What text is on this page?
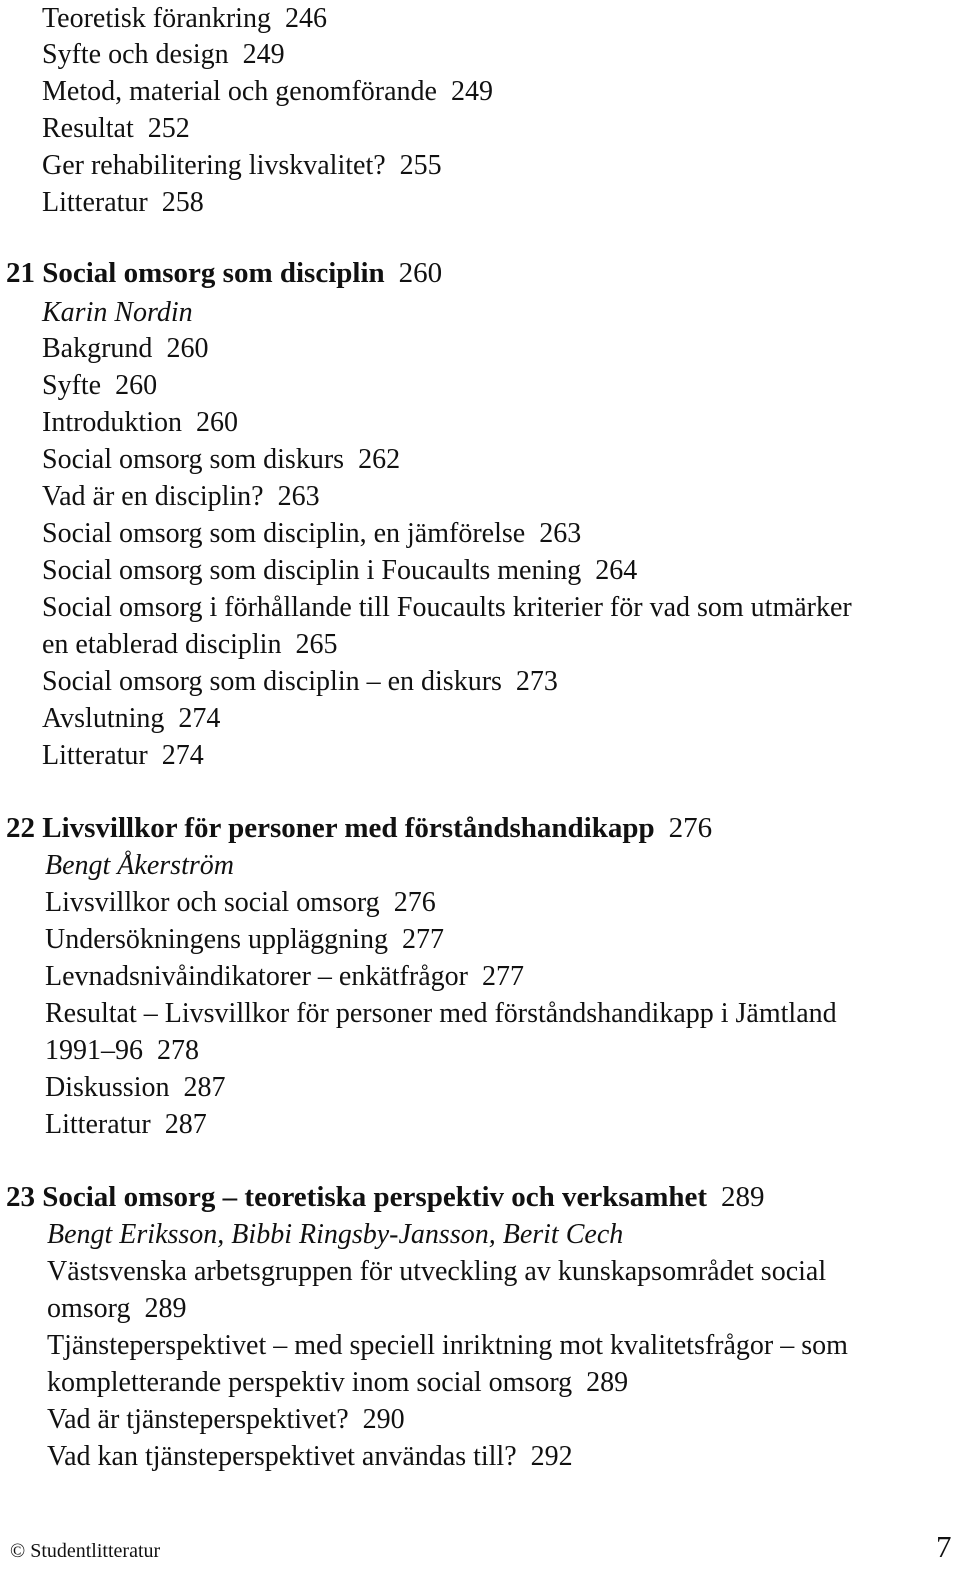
Teoretisk förankring 246
Syfte och design 249
Metod, material och genomförande 249
Resultat 252
Ger rehabilitering livskvalitet? 255
Litteratur 258
21 Social omsorg som disciplin 260
Karin Nordin
Bakgrund 260
Syfte 260
Introduktion 260
Social omsorg som diskurs 262
Vad är en disciplin? 263
Social omsorg som disciplin, en jämförelse 263
Social omsorg som disciplin i Foucaults mening 264
Social omsorg i förhållande till Foucaults kriterier för vad som utmärker
en etablerad disciplin 265
Social omsorg som disciplin – en diskurs 273
Avslutning 274
Litteratur 274
22 Livsvillkor för personer med förståndshandikapp 276
Bengt Åkerström
Livsvillkor och social omsorg 276
Undersökningens uppläggning 277
Levnadsnivåindikatorer – enkätfrågor 277
Resultat – Livsvillkor för personer med förståndshandikapp i Jämtland
1991–96 278
Diskussion 287
Litteratur 287
23 Social omsorg – teoretiska perspektiv och verksamhet 289
Bengt Eriksson, Bibbi Ringsby-Jansson, Berit Cech
Västsvenska arbetsgruppen för utveckling av kunskapsområdet social
omsorg 289
Tjänsteperspektivet – med speciell inriktning mot kvalitetsfrågor – som
kompletterande perspektiv inom social omsorg 289
Vad är tjänsteperspektivet? 290
Vad kan tjänsteperspektivet användas till? 292
© Studentlitteratur	7
